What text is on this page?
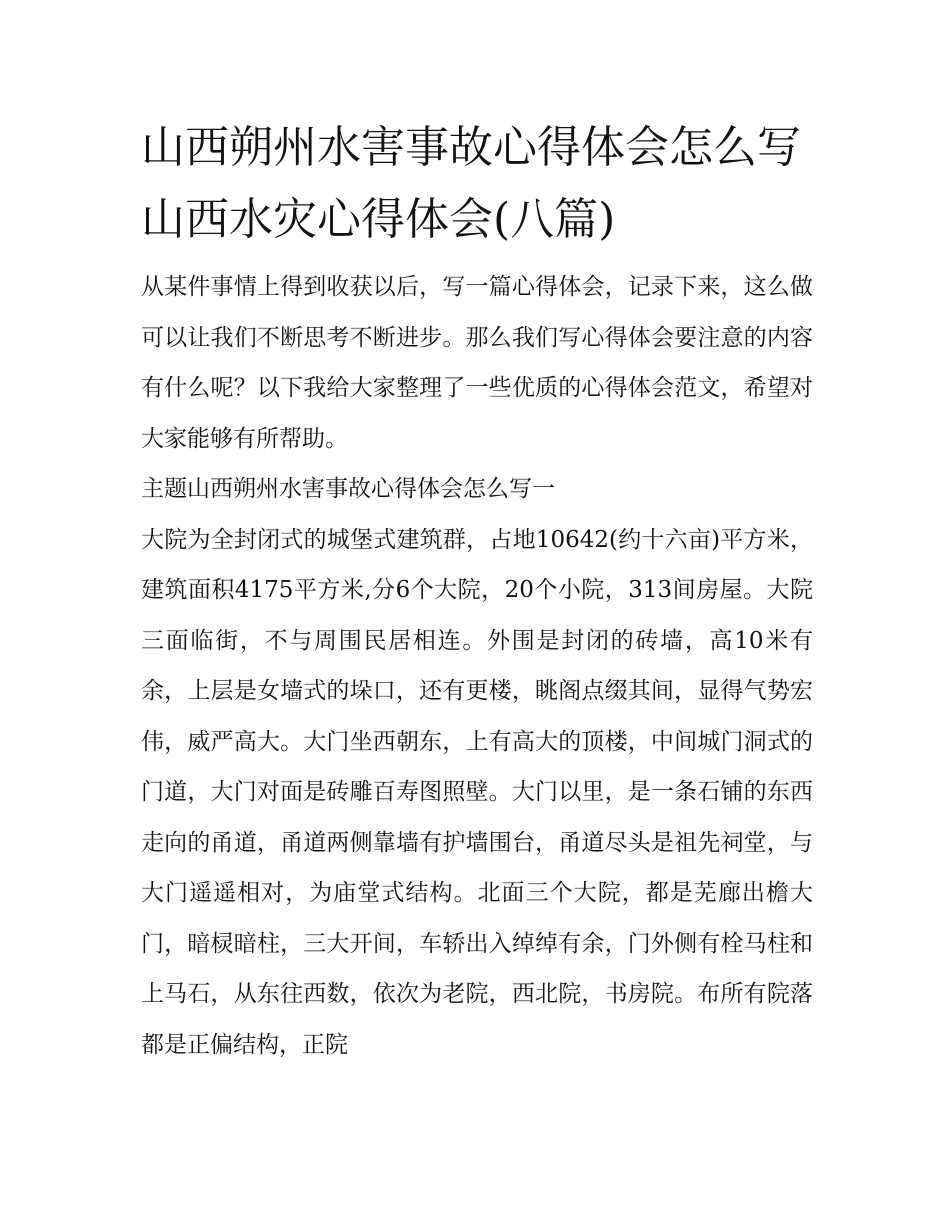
山西朔州水害事故心得体会怎么写 山西水灾心得体会(八篇)

从某件事情上得到收获以后，写一篇心得体会，记录下来，这么做可以让我们不断思考不断进步。那么我们写心得体会要注意的内容有什么呢？以下我给大家整理了一些优质的心得体会范文，希望对大家能够有所帮助。

主题山西朔州水害事故心得体会怎么写一

大院为全封闭式的城堡式建筑群，占地10642(约十六亩)平方米，建筑面积4175平方米,分6个大院，20个小院，313间房屋。大院三面临街，不与周围民居相连。外围是封闭的砖墙，高10米有余，上层是女墙式的垛口，还有更楼，眺阁点缀其间，显得气势宏伟，威严高大。大门坐西朝东，上有高大的顶楼，中间城门洞式的门道，大门对面是砖雕百寿图照壁。大门以里，是一条石铺的东西走向的甬道，甬道两侧靠墙有护墙围台，甬道尽头是祖先祠堂，与大门遥遥相对，为庙堂式结构。北面三个大院，都是芜廊出檐大门，暗棂暗柱，三大开间，车轿出入绰绰有余，门外侧有栓马柱和上马石，从东往西数，依次为老院，西北院，书房院。布所有院落都是正偏结构，正院
